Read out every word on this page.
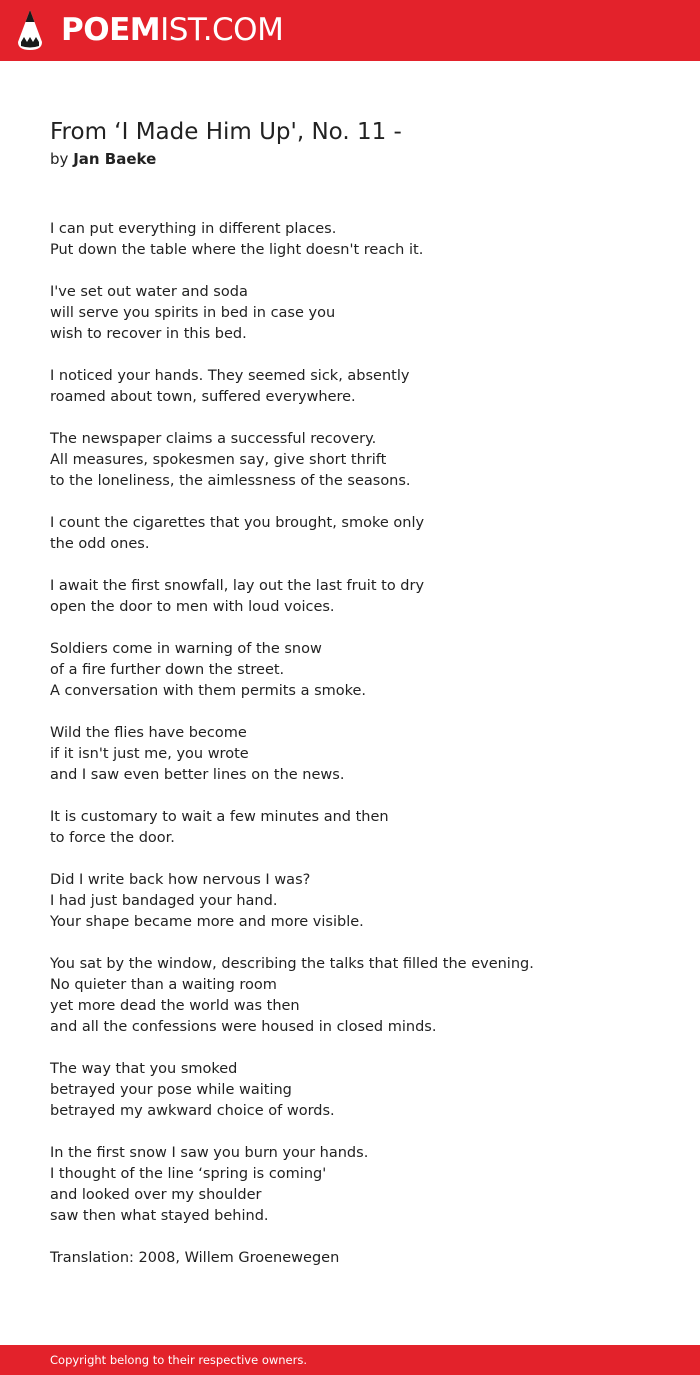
POEMIST.COM
From ‘I Made Him Up', No. 11 -
by Jan Baeke
I can put everything in different places.
Put down the table where the light doesn't reach it.
I've set out water and soda
will serve you spirits in bed in case you
wish to recover in this bed.
I noticed your hands. They seemed sick, absently
roamed about town, suffered everywhere.
The newspaper claims a successful recovery.
All measures, spokesmen say, give short thrift
to the loneliness, the aimlessness of the seasons.
I count the cigarettes that you brought, smoke only
the odd ones.
I await the first snowfall, lay out the last fruit to dry
open the door to men with loud voices.
Soldiers come in warning of the snow
of a fire further down the street.
A conversation with them permits a smoke.
Wild the flies have become
if it isn't just me, you wrote
and I saw even better lines on the news.
It is customary to wait a few minutes and then
to force the door.
Did I write back how nervous I was?
I had just bandaged your hand.
Your shape became more and more visible.
You sat by the window, describing the talks that filled the evening.
No quieter than a waiting room
yet more dead the world was then
and all the confessions were housed in closed minds.
The way that you smoked
betrayed your pose while waiting
betrayed my awkward choice of words.
In the first snow I saw you burn your hands.
I thought of the line ‘spring is coming'
and looked over my shoulder
saw then what stayed behind.
Translation: 2008, Willem Groenewegen
Copyright belong to their respective owners.
